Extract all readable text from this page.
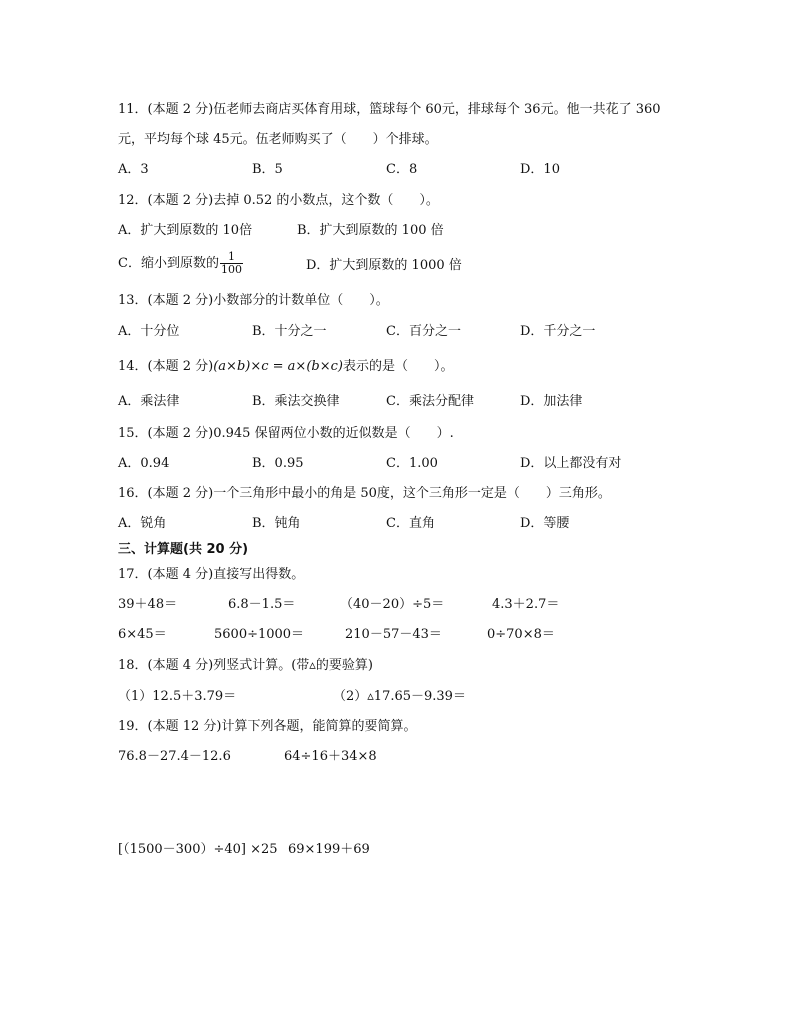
11．(本题 2 分)伍老师去商店买体育用球，篮球每个 60元，排球每个 36元。他一共花了 360
元，平均每个球 45元。伍老师购买了（　　）个排球。
A．3	B．5	C．8	D．10
12．(本题 2 分)去掉 0.52 的小数点，这个数（　　）。
A．扩大到原数的 10倍	B．扩大到原数的 100 倍
C．缩小到原数的 $\frac{1}{100}$	D．扩大到原数的 1000 倍
13．(本题 2 分)小数部分的计数单位（　　）。
A．十分位	B．十分之一	C．百分之一	D．千分之一
14．(本题 2 分)(a×b)×c = a×(b×c)表示的是（　　）。
A．乘法律	B．乘法交换律	C．乘法分配律	D．加法律
15．(本题 2 分)0.945 保留两位小数的近似数是（　　）.
A．0.94	B．0.95	C．1.00	D．以上都没有对
16．(本题 2 分)一个三角形中最小的角是 50度，这个三角形一定是（　　）三角形。
A．锐角	B．钝角	C．直角	D．等腰
三、计算题(共 20 分)
17．(本题 4 分)直接写出得数。
39＋48＝	6.8－1.5＝	（40－20）÷5＝	4.3＋2.7＝
6×45＝	5600÷1000＝	210－57－43＝	0÷70×8＝
18．(本题 4 分)列竖式计算。(带▵的要验算)
（1）12.5＋3.79＝	（2）▵17.65－9.39＝
19．(本题 12 分)计算下列各题，能简算的要简算。
76.8－27.4－12.6	64÷16＋34×8
[（1500－300）÷40] ×25 69×199＋69
